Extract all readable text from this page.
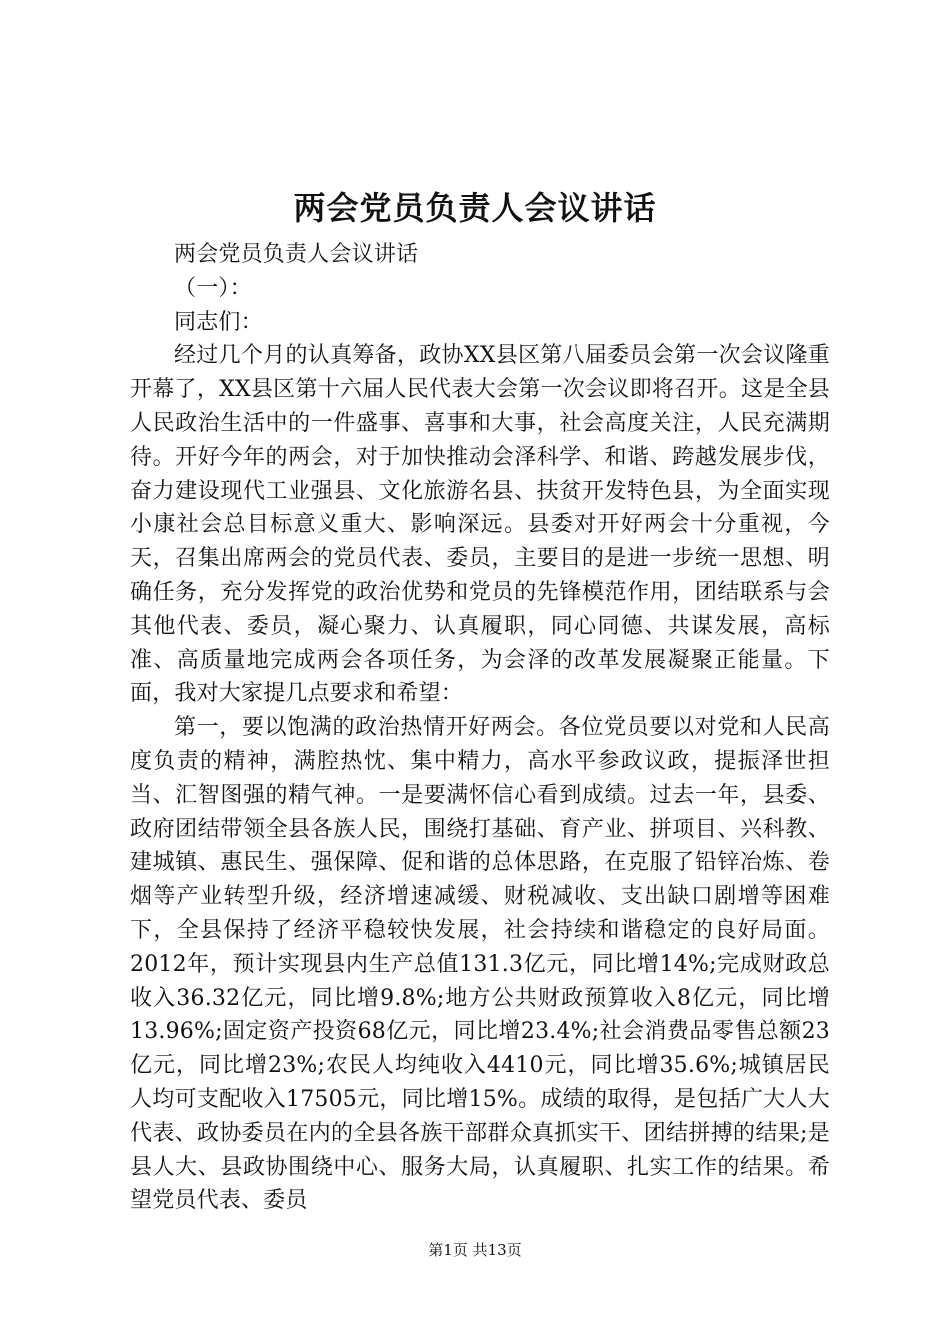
两会党员负责人会议讲话

两会党员负责人会议讲话

（一）：

同志们：

经过几个月的认真筹备，政协XX县区第八届委员会第一次会议隆重开幕了，XX县区第十六届人民代表大会第一次会议即将召开。这是全县人民政治生活中的一件盛事、喜事和大事，社会高度关注，人民充满期待。开好今年的两会，对于加快推动会泽科学、和谐、跨越发展步伐，奋力建设现代工业强县、文化旅游名县、扶贫开发特色县，为全面实现小康社会总目标意义重大、影响深远。县委对开好两会十分重视，今天，召集出席两会的党员代表、委员，主要目的是进一步统一思想、明确任务，充分发挥党的政治优势和党员的先锋模范作用，团结联系与会其他代表、委员，凝心聚力、认真履职，同心同德、共谋发展，高标准、高质量地完成两会各项任务，为会泽的改革发展凝聚正能量。下面，我对大家提几点要求和希望：

第一，要以饱满的政治热情开好两会。各位党员要以对党和人民高度负责的精神，满腔热忱、集中精力，高水平参政议政，提振泽世担当、汇智图强的精气神。一是要满怀信心看到成绩。过去一年，县委、政府团结带领全县各族人民，围绕打基础、育产业、拼项目、兴科教、建城镇、惠民生、强保障、促和谐的总体思路，在克服了铅锌冶炼、卷烟等产业转型升级，经济增速减缓、财税减收、支出缺口剧增等困难下，全县保持了经济平稳较快发展，社会持续和谐稳定的良好局面。2012年，预计实现县内生产总值131.3亿元，同比增14%;完成财政总收入36.32亿元，同比增9.8%;地方公共财政预算收入8亿元，同比增13.96%;固定资产投资68亿元，同比增23.4%;社会消费品零售总额23亿元，同比增23%;农民人均纯收入4410元，同比增35.6%;城镇居民人均可支配收入17505元，同比增15%。成绩的取得，是包括广大人大代表、政协委员在内的全县各族干部群众真抓实干、团结拼搏的结果;是县人大、县政协围绕中心、服务大局，认真履职、扎实工作的结果。希望党员代表、委员

第1页 共13页
